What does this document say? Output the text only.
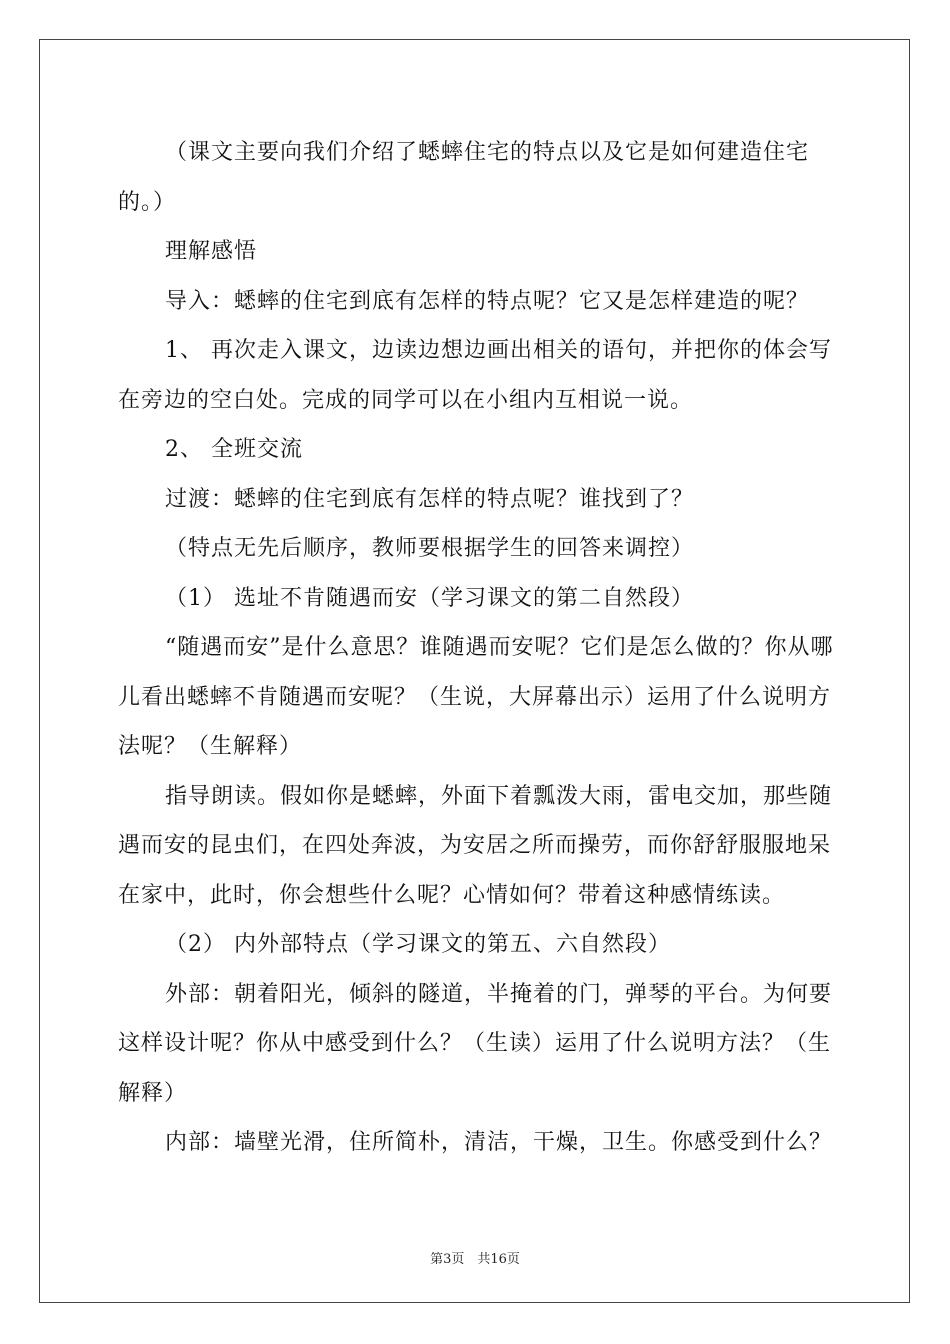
（课文主要向我们介绍了蟋蟀住宅的特点以及它是如何建造住宅的。）

理解感悟

导入：蟋蟀的住宅到底有怎样的特点呢？它又是怎样建造的呢？

1、 再次走入课文，边读边想边画出相关的语句，并把你的体会写在旁边的空白处。完成的同学可以在小组内互相说一说。

2、 全班交流

过渡：蟋蟀的住宅到底有怎样的特点呢？谁找到了？

（特点无先后顺序，教师要根据学生的回答来调控）

（1） 选址不肯随遇而安（学习课文的第二自然段）

“随遇而安”是什么意思？谁随遇而安呢？它们是怎么做的？你从哪儿看出蟋蟀不肯随遇而安呢？（生说，大屏幕出示）运用了什么说明方法呢？（生解释）

指导朗读。假如你是蟋蟀，外面下着瓢泼大雨，雷电交加，那些随遇而安的昆虫们，在四处奔波，为安居之所而操劳，而你舒舒服服地呆在家中，此时，你会想些什么呢？心情如何？带着这种感情练读。

（2） 内外部特点（学习课文的第五、六自然段）

外部：朝着阳光，倾斜的隧道，半掩着的门，弹琴的平台。为何要这样设计呢？你从中感受到什么？（生读）运用了什么说明方法？（生解释）

内部：墙壁光滑，住所简朴，清洁，干燥，卫生。你感受到什么？

第3页　共16页
